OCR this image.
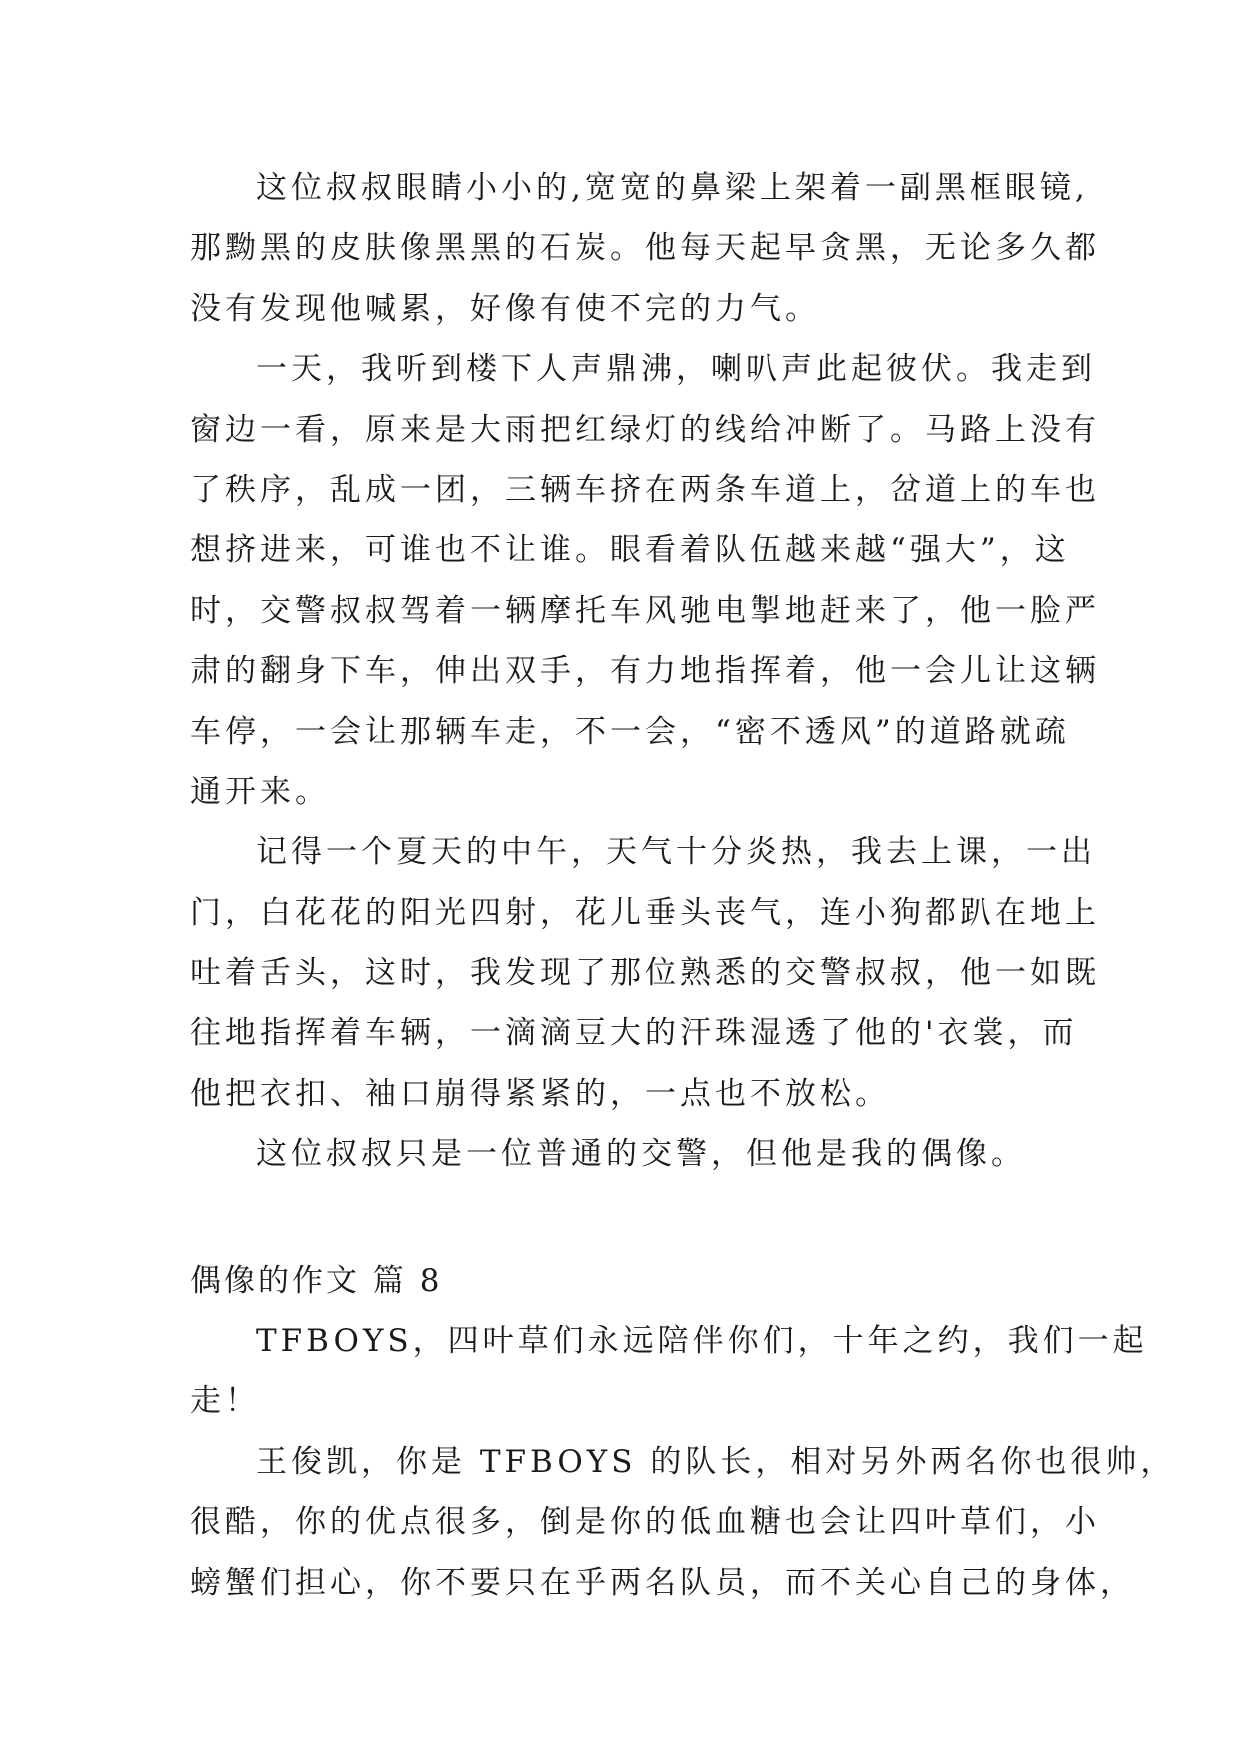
这位叔叔眼睛小小的,宽宽的鼻梁上架着一副黑框眼镜,
那黝黑的皮肤像黑黑的石炭。他每天起早贪黑，无论多久都
没有发现他喊累，好像有使不完的力气。
一天，我听到楼下人声鼎沸，喇叭声此起彼伏。我走到
窗边一看，原来是大雨把红绿灯的线给冲断了。马路上没有
了秩序，乱成一团，三辆车挤在两条车道上，岔道上的车也
想挤进来，可谁也不让谁。眼看着队伍越来越“强大”，这
时，交警叔叔驾着一辆摩托车风驰电掣地赶来了，他一脸严
肃的翻身下车，伸出双手，有力地指挥着，他一会儿让这辆
车停，一会让那辆车走，不一会，“密不透风”的道路就疏
通开来。
记得一个夏天的中午，天气十分炎热，我去上课，一出
门，白花花的阳光四射，花儿垂头丧气，连小狗都趴在地上
吐着舌头，这时，我发现了那位熟悉的交警叔叔，他一如既
往地指挥着车辆，一滴滴豆大的汗珠湿透了他的'衣裳，而
他把衣扣、袖口崩得紧紧的，一点也不放松。
这位叔叔只是一位普通的交警，但他是我的偶像。
偶像的作文 篇 8
TFBOYS，四叶草们永远陪伴你们，十年之约，我们一起
走！
王俊凯，你是 TFBOYS 的队长，相对另外两名你也很帅，
很酷，你的优点很多，倒是你的低血糖也会让四叶草们，小
螃蟹们担心，你不要只在乎两名队员，而不关心自己的身体，
